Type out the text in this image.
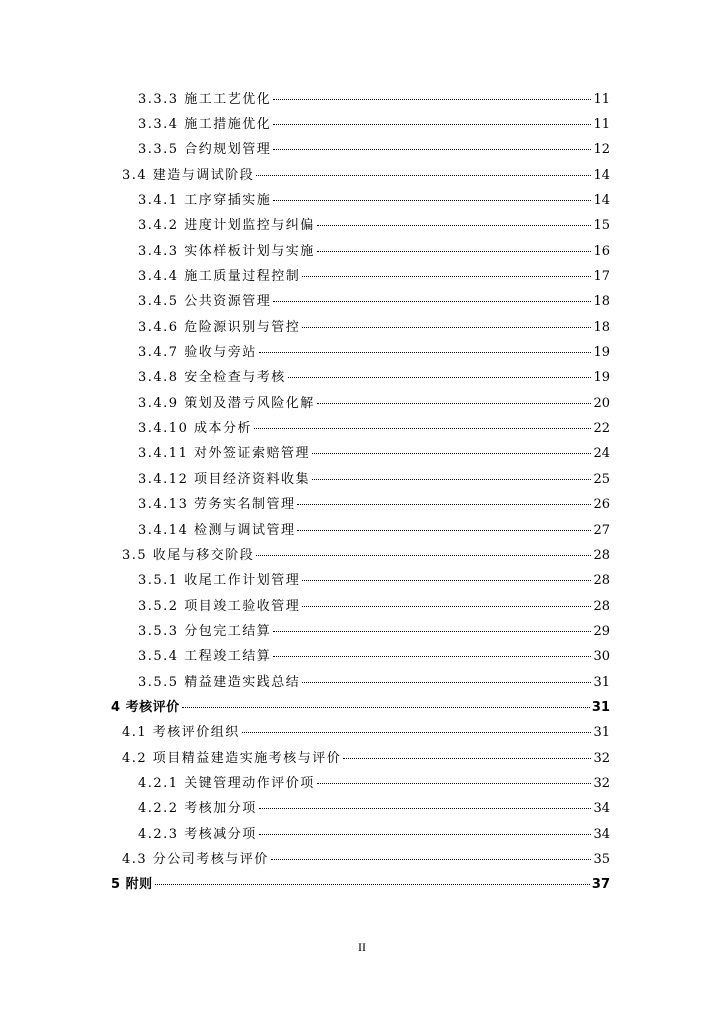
3.3.3 施工工艺优化	11
3.3.4 施工措施优化	11
3.3.5 合约规划管理	12
3.4 建造与调试阶段	14
3.4.1 工序穿插实施	14
3.4.2 进度计划监控与纠偏	15
3.4.3 实体样板计划与实施	16
3.4.4 施工质量过程控制	17
3.4.5 公共资源管理	18
3.4.6 危险源识别与管控	18
3.4.7 验收与旁站	19
3.4.8 安全检查与考核	19
3.4.9 策划及潜亏风险化解	20
3.4.10 成本分析	22
3.4.11 对外签证索赔管理	24
3.4.12 项目经济资料收集	25
3.4.13 劳务实名制管理	26
3.4.14 检测与调试管理	27
3.5 收尾与移交阶段	28
3.5.1 收尾工作计划管理	28
3.5.2 项目竣工验收管理	28
3.5.3 分包完工结算	29
3.5.4 工程竣工结算	30
3.5.5 精益建造实践总结	31
4 考核评价	31
4.1 考核评价组织	31
4.2 项目精益建造实施考核与评价	32
4.2.1 关键管理动作评价项	32
4.2.2 考核加分项	34
4.2.3 考核减分项	34
4.3 分公司考核与评价	35
5 附则	37
II
